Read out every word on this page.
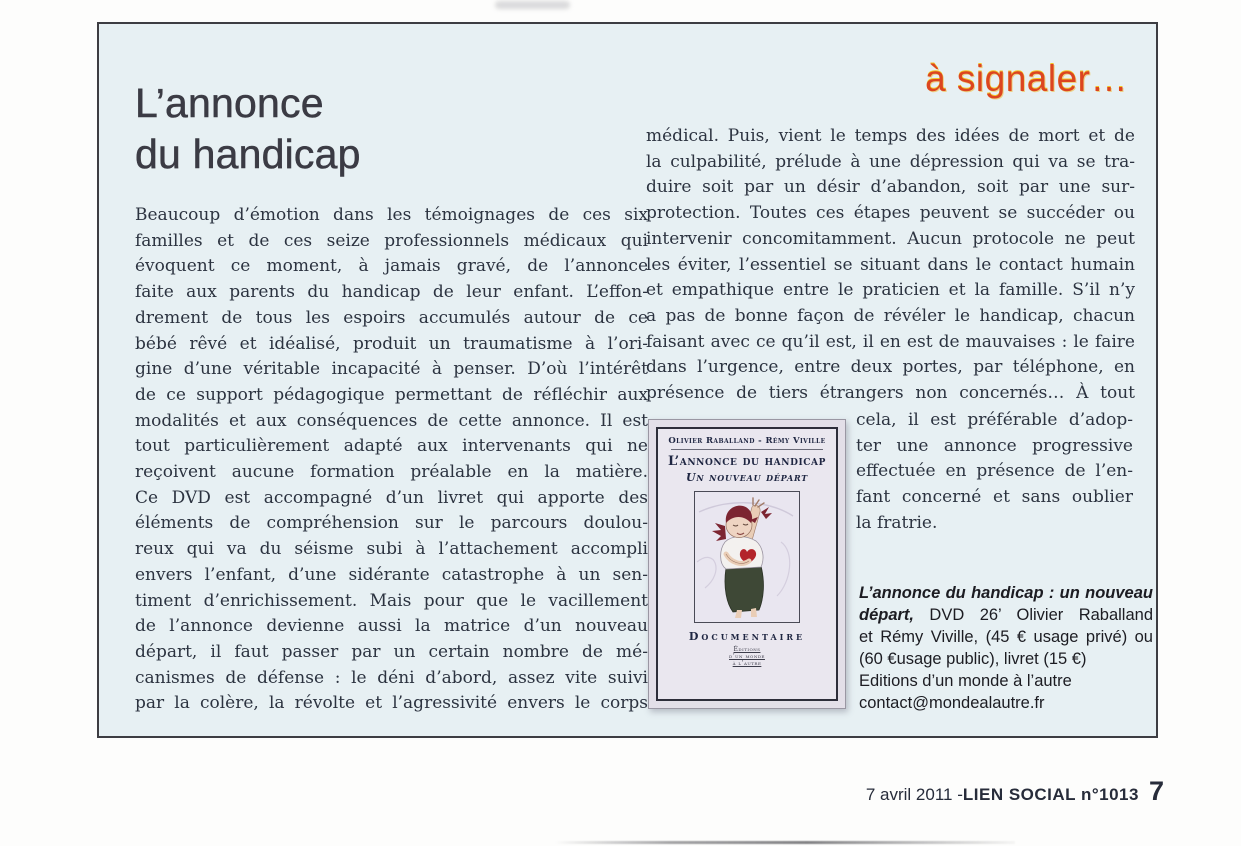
à signaler…
L’annonce
du handicap
Beaucoup d’émotion dans les témoignages de ces six
familles et de ces seize professionnels médicaux qui
évoquent ce moment, à jamais gravé, de l’annonce
faite aux parents du handicap de leur enfant. L’effon-
drement de tous les espoirs accumulés autour de ce
bébé rêvé et idéalisé, produit un traumatisme à l’ori-
gine d’une véritable incapacité à penser. D’où l’intérêt
de ce support pédagogique permettant de réfléchir aux
modalités et aux conséquences de cette annonce. Il est
tout particulièrement adapté aux intervenants qui ne
reçoivent aucune formation préalable en la matière.
Ce DVD est accompagné d’un livret qui apporte des
éléments de compréhension sur le parcours doulou-
reux qui va du séisme subi à l’attachement accompli
envers l’enfant, d’une sidérante catastrophe à un sen-
timent d’enrichissement. Mais pour que le vacillement
de l’annonce devienne aussi la matrice d’un nouveau
départ, il faut passer par un certain nombre de mé-
canismes de défense : le déni d’abord, assez vite suivi
par la colère, la révolte et l’agressivité envers le corps
médical. Puis, vient le temps des idées de mort et de
la culpabilité, prélude à une dépression qui va se tra-
duire soit par un désir d’abandon, soit par une sur-
protection. Toutes ces étapes peuvent se succéder ou
intervenir concomitamment. Aucun protocole ne peut
les éviter, l’essentiel se situant dans le contact humain
et empathique entre le praticien et la famille. S’il n’y
a pas de bonne façon de révéler le handicap, chacun
faisant avec ce qu’il est, il en est de mauvaises : le faire
dans l’urgence, entre deux portes, par téléphone, en
présence de tiers étrangers non concernés… À tout
cela, il est préférable d’adop-
ter une annonce progressive
effectuée en présence de l’en-
fant concerné et sans oublier
la fratrie.
Olivier Raballand - Rémy Viville
L’annonce du handicap
Un nouveau départ
Documentaire
Éditions
d’un monde
à l’autre
L’annonce du handicap : un nouveau
départ, DVD 26’ Olivier Raballand
et Rémy Viville, (45 € usage privé) ou
(60 €usage public), livret (15 €)
Editions d’un monde à l’autre
contact@mondealautre.fr
7 avril 2011 - LIEN SOCIAL n°1013 7
